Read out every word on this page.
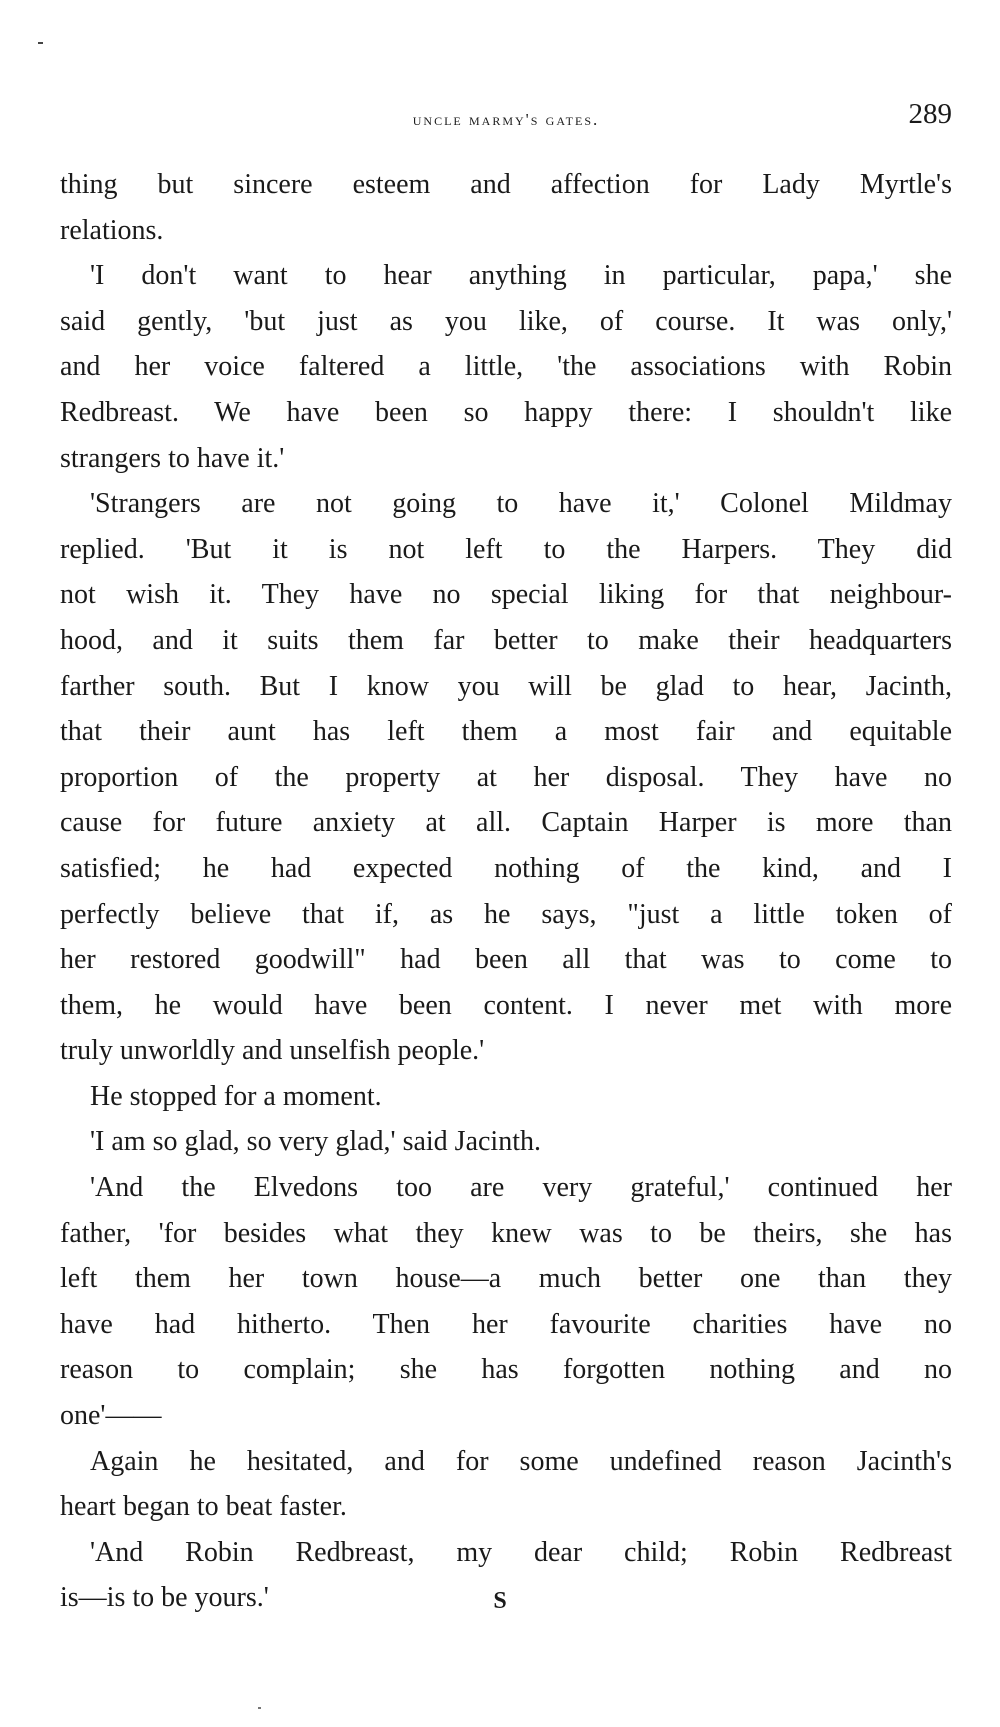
uncle marmy's gates.	289
thing but sincere esteem and affection for Lady Myrtle's
relations.
'I don't want to hear anything in particular, papa,' she
said gently, 'but just as you like, of course. It was only,'
and her voice faltered a little, 'the associations with Robin
Redbreast. We have been so happy there: I shouldn't like
strangers to have it.'
'Strangers are not going to have it,' Colonel Mildmay
replied. 'But it is not left to the Harpers. They did
not wish it. They have no special liking for that neighbour-
hood, and it suits them far better to make their headquarters
farther south. But I know you will be glad to hear, Jacinth,
that their aunt has left them a most fair and equitable
proportion of the property at her disposal. They have no
cause for future anxiety at all. Captain Harper is more than
satisfied; he had expected nothing of the kind, and I
perfectly believe that if, as he says, "just a little token of
her restored goodwill" had been all that was to come to
them, he would have been content. I never met with more
truly unworldly and unselfish people.'
He stopped for a moment.
'I am so glad, so very glad,' said Jacinth.
'And the Elvedons too are very grateful,' continued her
father, 'for besides what they knew was to be theirs, she has
left them her town house—a much better one than they
have had hitherto. Then her favourite charities have no
reason to complain; she has forgotten nothing and no
one'——
Again he hesitated, and for some undefined reason Jacinth's
heart began to beat faster.
'And Robin Redbreast, my dear child; Robin Redbreast
is—is to be yours.'	S
